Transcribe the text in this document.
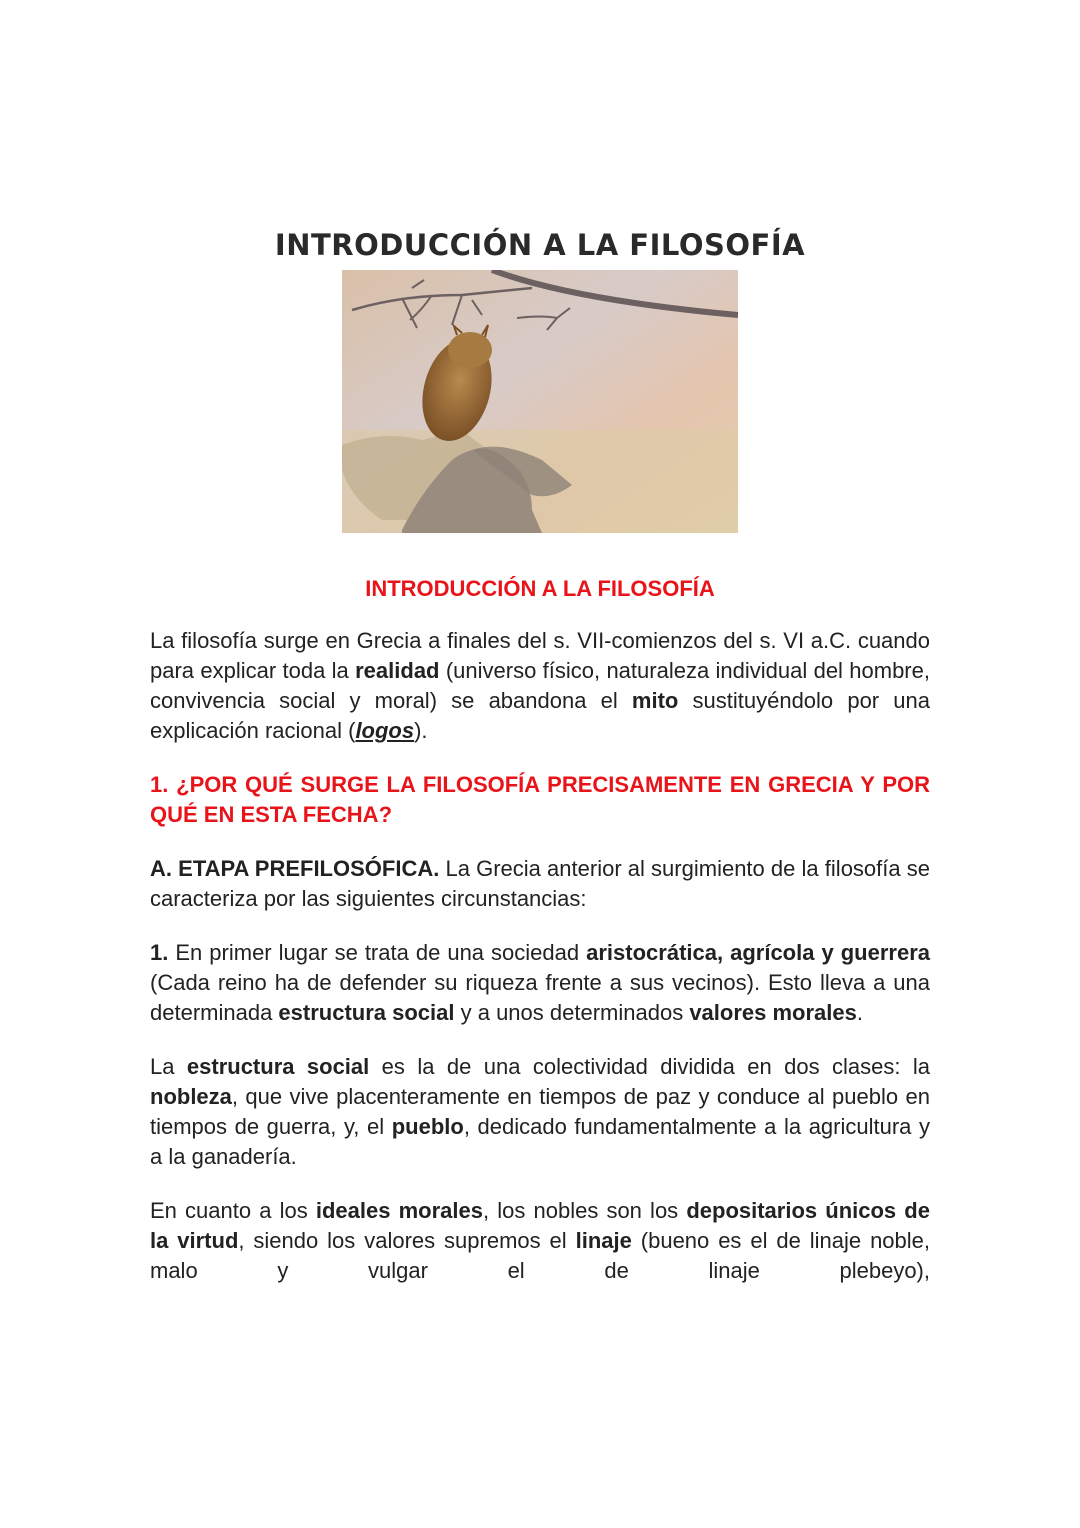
INTRODUCCIÓN A LA FILOSOFÍA
INTRODUCCIÓN A LA FILOSOFÍA

La filosofía surge en Grecia a finales del s. VII-comienzos del s. VI a.C. cuando para explicar toda la realidad (universo físico, naturaleza individual del hombre, convivencia social y moral) se abandona el mito sustituyéndolo por una explicación racional (logos).

1. ¿POR QUÉ SURGE LA FILOSOFÍA PRECISAMENTE EN GRECIA Y POR QUÉ EN ESTA FECHA?

A. ETAPA PREFILOSÓFICA. La Grecia anterior al surgimiento de la filosofía se caracteriza por las siguientes circunstancias:

1. En primer lugar se trata de una sociedad aristocrática, agrícola y guerrera (Cada reino ha de defender su riqueza frente a sus vecinos). Esto lleva a una determinada estructura social y a unos determinados valores morales.

La estructura social es la de una colectividad dividida en dos clases: la nobleza, que vive placenteramente en tiempos de paz y conduce al pueblo en tiempos de guerra, y, el pueblo, dedicado fundamentalmente a la agricultura y a la ganadería.

En cuanto a los ideales morales, los nobles son los depositarios únicos de la virtud, siendo los valores supremos el linaje (bueno es el de linaje noble, malo y vulgar el de linaje plebeyo),
